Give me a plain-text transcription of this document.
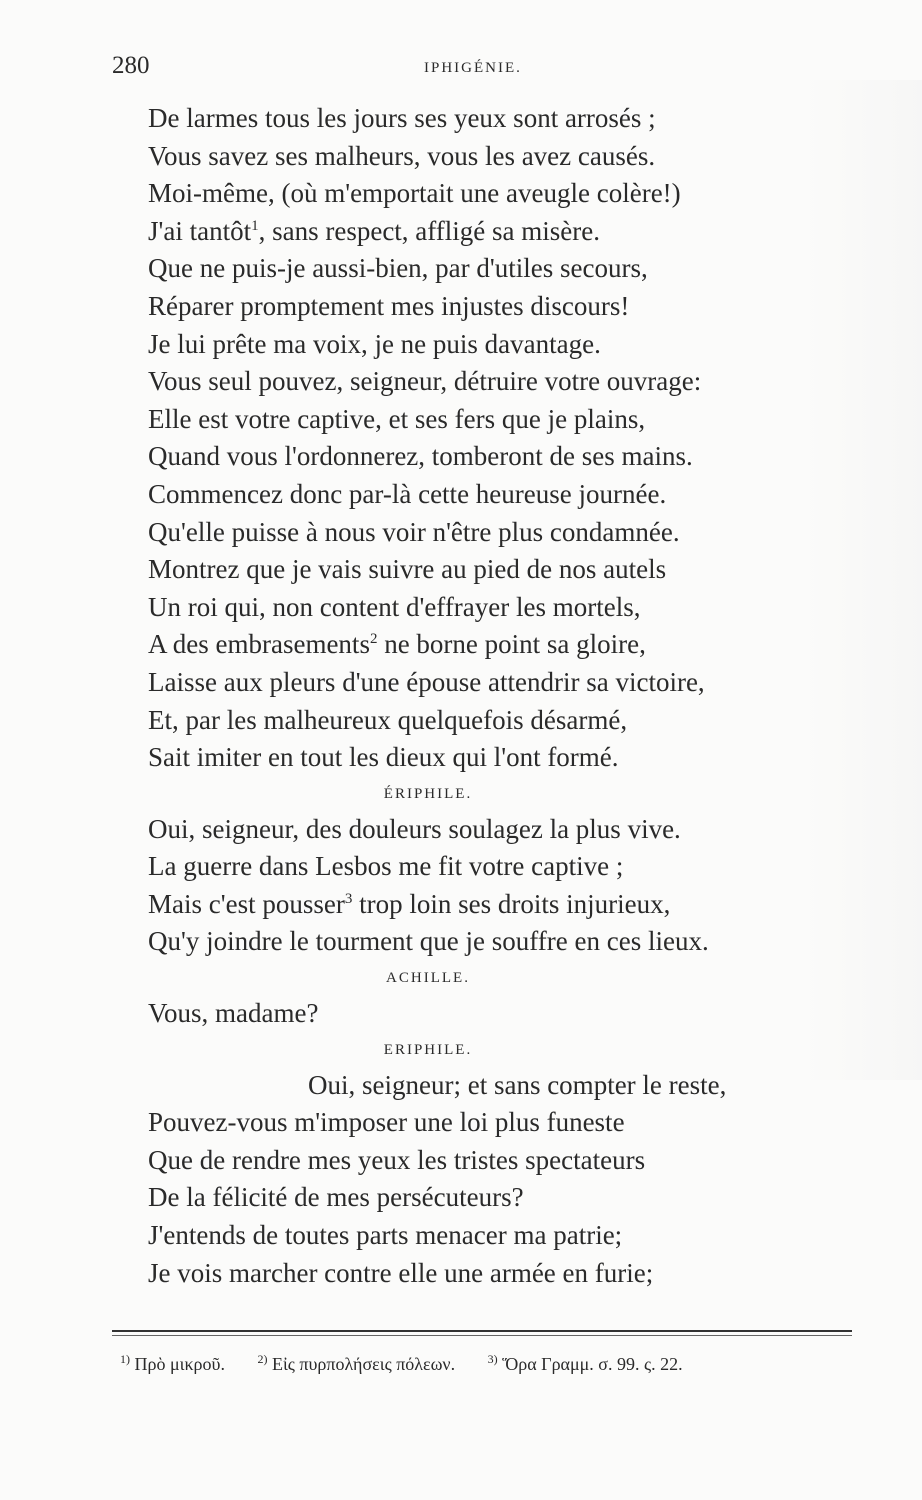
280	IPHIGÉNIE.
De larmes tous les jours ses yeux sont arrosés ;
Vous savez ses malheurs, vous les avez causés.
Moi-même, (où m'emportait une aveugle colère!)
J'ai tantôt$^1$, sans respect, affligé sa misère.
Que ne puis-je aussi-bien, par d'utiles secours,
Réparer promptement mes injustes discours!
Je lui prête ma voix, je ne puis davantage.
Vous seul pouvez, seigneur, détruire votre ouvrage:
Elle est votre captive, et ses fers que je plains,
Quand vous l'ordonnerez, tomberont de ses mains.
Commencez donc par-là cette heureuse journée.
Qu'elle puisse à nous voir n'être plus condamnée.
Montrez que je vais suivre au pied de nos autels
Un roi qui, non content d'effrayer les mortels,
A des embrasements$^2$ ne borne point sa gloire,
Laisse aux pleurs d'une épouse attendrir sa victoire,
Et, par les malheureux quelquefois désarmé,
Sait imiter en tout les dieux qui l'ont formé.
ÉRIPHILE.
Oui, seigneur, des douleurs soulagez la plus vive.
La guerre dans Lesbos me fit votre captive ;
Mais c'est pousser$^3$ trop loin ses droits injurieux,
Qu'y joindre le tourment que je souffre en ces lieux.
ACHILLE.
Vous, madame?
ERIPHILE.
Oui, seigneur; et sans compter le reste,
Pouvez-vous m'imposer une loi plus funeste
Que de rendre mes yeux les tristes spectateurs
De la félicité de mes persécuteurs?
J'entends de toutes parts menacer ma patrie;
Je vois marcher contre elle une armée en furie;
$^{1)}$ Πρὸ μικροῦ.	$^{2)}$ Εἰς πυρπολήσεις πόλεων.	$^{3)}$ Ὅρα Γραμμ. σ. 99. ς. 22.
